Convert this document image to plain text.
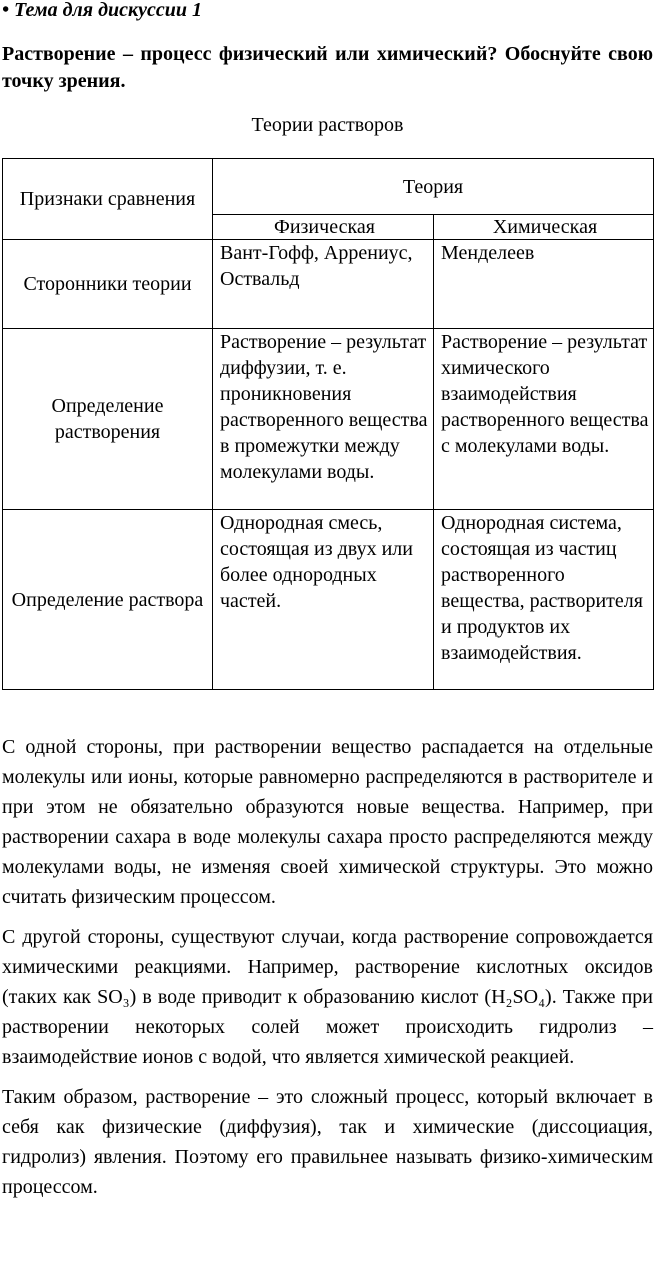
• Тема для дискуссии 1
Растворение – процесс физический или химический? Обоснуйте свою точку зрения.
Теории растворов
Признаки сравнения	Теория	
	Физическая	Химическая
Сторонники теории	Вант-Гофф, Аррениус, Оствальд	Менделеев
Определение растворения	Растворение – результат диффузии, т. е. проникновения растворенного вещества в промежутки между молекулами воды.	Растворение – результат химического взаимодействия растворенного вещества с молекулами воды.
Определение раствора	Однородная смесь, состоящая из двух или более однородных частей.	Однородная система, состоящая из частиц растворенного вещества, растворителя и продуктов их взаимодействия.

С одной стороны, при растворении вещество распадается на отдельные молекулы или ионы, которые равномерно распределяются в растворителе и при этом не обязательно образуются новые вещества. Например, при растворении сахара в воде молекулы сахара просто распределяются между молекулами воды, не изменяя своей химической структуры. Это можно считать физическим процессом.

С другой стороны, существуют случаи, когда растворение сопровождается химическими реакциями. Например, растворение кислотных оксидов (таких как SO₃) в воде приводит к образованию кислот (H₂SO₄). Также при растворении некоторых солей может происходить гидролиз – взаимодействие ионов с водой, что является химической реакцией.

Таким образом, растворение – это сложный процесс, который включает в себя как физические (диффузия), так и химические (диссоциация, гидролиз) явления. Поэтому его правильнее называть физико-химическим процессом.
